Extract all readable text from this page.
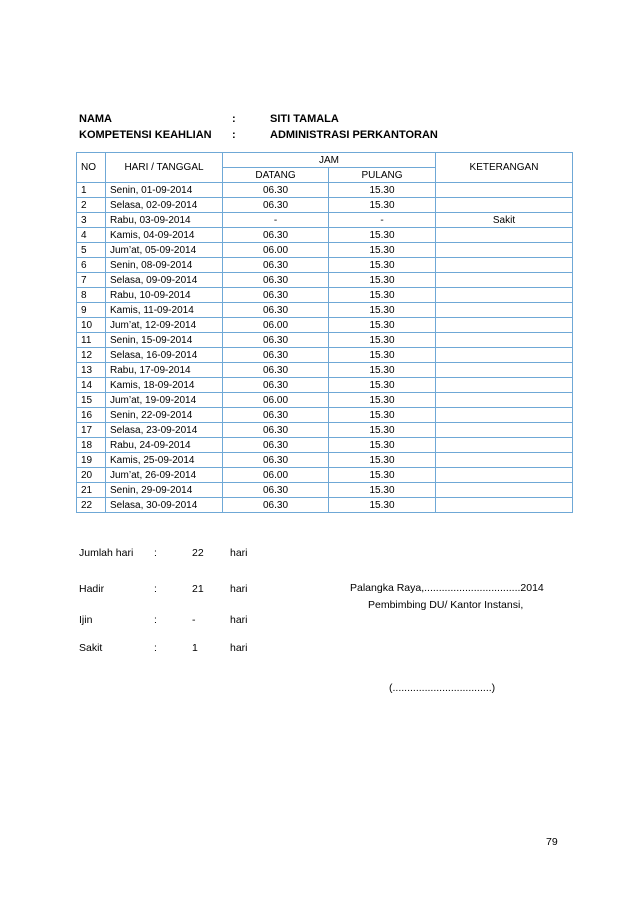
NAMA	:	SITI TAMALA
KOMPETENSI KEAHLIAN :	ADMINISTRASI PERKANTORAN
NO	HARI / TANGGAL	JAM		KETERANGAN
		DATANG	PULANG	
1	Senin, 01-09-2014	06.30	15.30	
2	Selasa, 02-09-2014	06.30	15.30	
3	Rabu, 03-09-2014	-	-	Sakit
4	Kamis, 04-09-2014	06.30	15.30	
5	Jum’at, 05-09-2014	06.00	15.30	
6	Senin, 08-09-2014	06.30	15.30	
7	Selasa, 09-09-2014	06.30	15.30	
8	Rabu, 10-09-2014	06.30	15.30	
9	Kamis, 11-09-2014	06.30	15.30	
10	Jum’at, 12-09-2014	06.00	15.30	
11	Senin, 15-09-2014	06.30	15.30	
12	Selasa, 16-09-2014	06.30	15.30	
13	Rabu, 17-09-2014	06.30	15.30	
14	Kamis, 18-09-2014	06.30	15.30	
15	Jum’at, 19-09-2014	06.00	15.30	
16	Senin, 22-09-2014	06.30	15.30	
17	Selasa, 23-09-2014	06.30	15.30	
18	Rabu, 24-09-2014	06.30	15.30	
19	Kamis, 25-09-2014	06.30	15.30	
20	Jum’at, 26-09-2014	06.00	15.30	
21	Senin, 29-09-2014	06.30	15.30	
22	Selasa, 30-09-2014	06.30	15.30	
Jumlah hari :	22	hari
Hadir	:	21	hari
Ijin	:	-	hari
Sakit	:	1	hari
Palangka Raya,.................................2014
Pembimbing DU/ Kantor Instansi,
(..................................)
79
